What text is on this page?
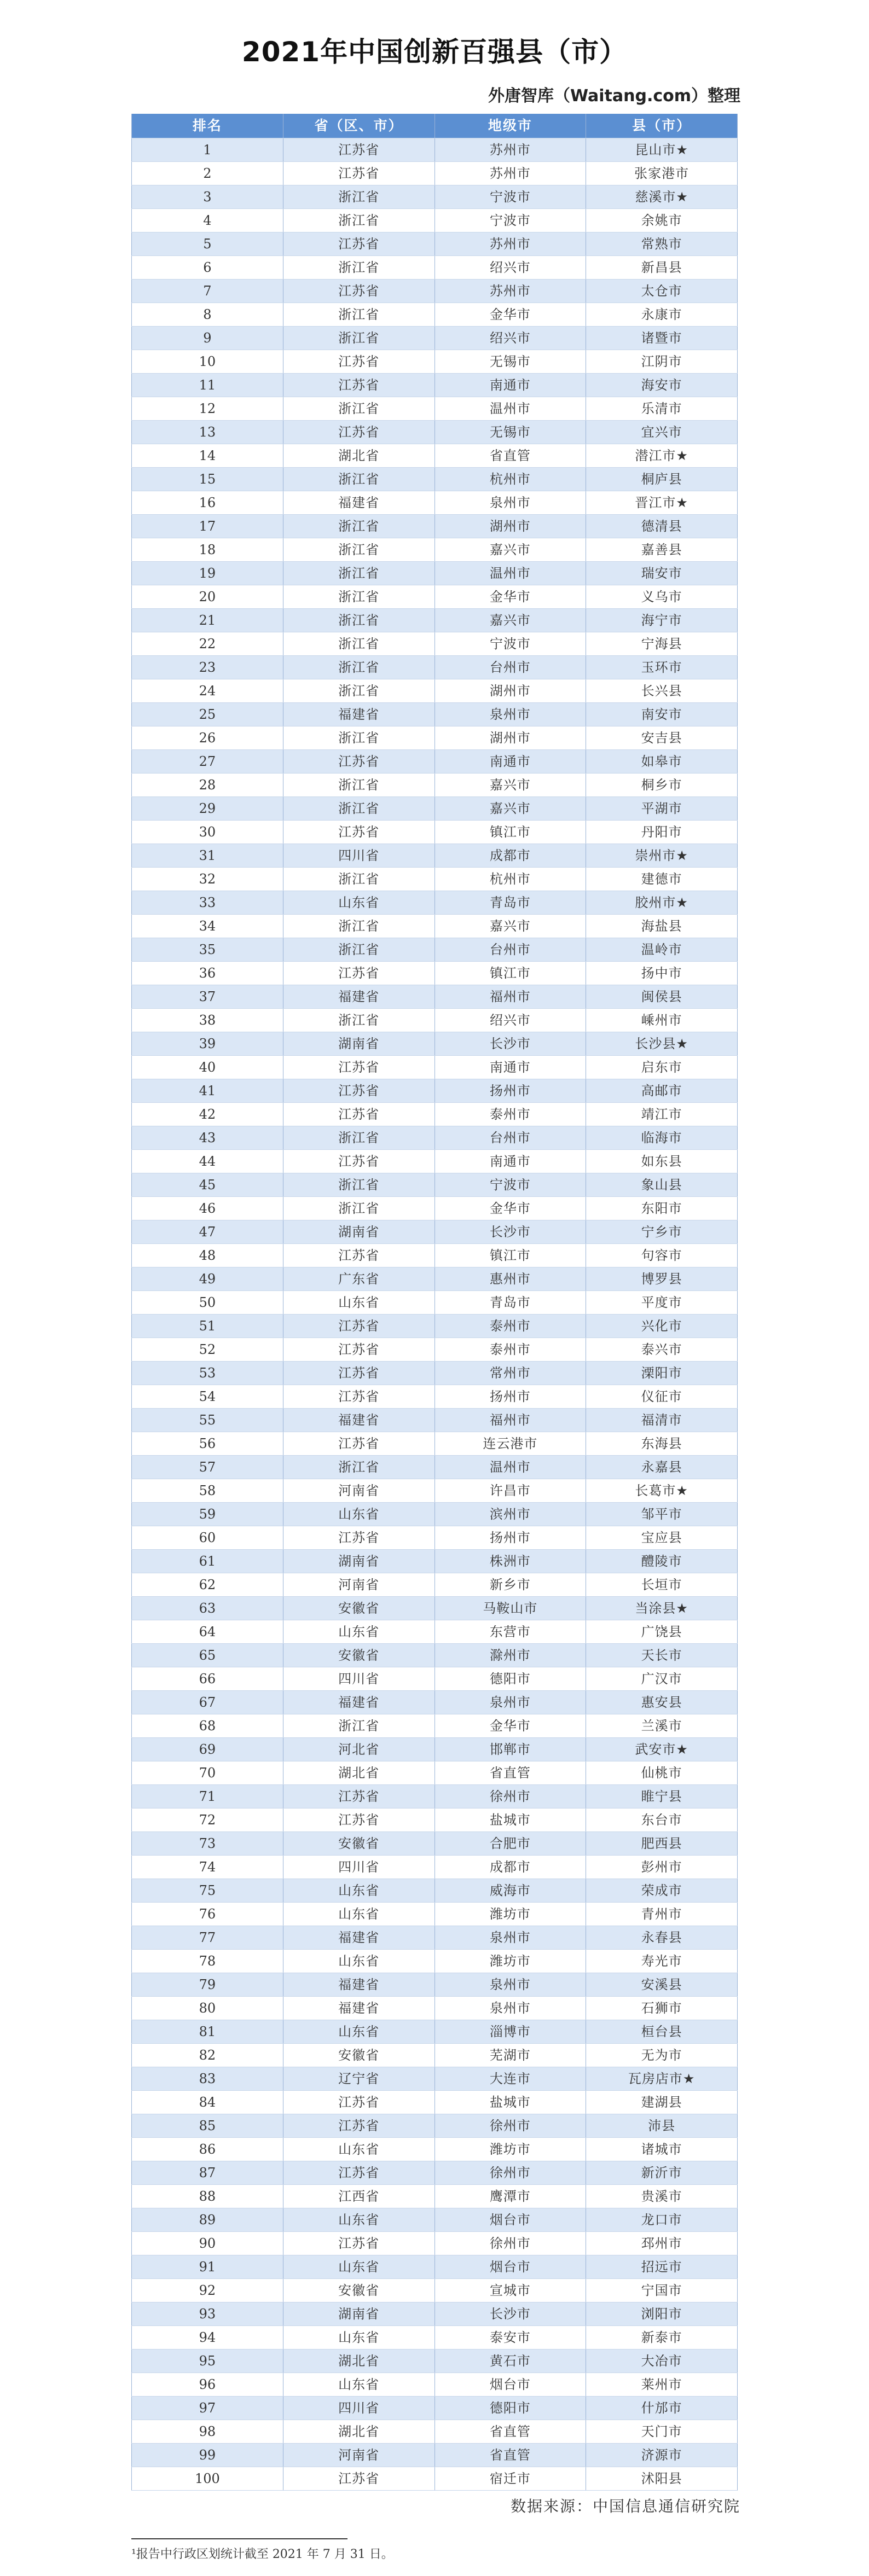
2021年中国创新百强县（市）
外唐智库（Waitang.com）整理
排名	省（区、市）	地级市	县（市）
1	江苏省	苏州市	昆山市★
2	江苏省	苏州市	张家港市
3	浙江省	宁波市	慈溪市★
4	浙江省	宁波市	余姚市
5	江苏省	苏州市	常熟市
6	浙江省	绍兴市	新昌县
7	江苏省	苏州市	太仓市
8	浙江省	金华市	永康市
9	浙江省	绍兴市	诸暨市
10	江苏省	无锡市	江阴市
11	江苏省	南通市	海安市
12	浙江省	温州市	乐清市
13	江苏省	无锡市	宜兴市
14	湖北省	省直管	潜江市★
15	浙江省	杭州市	桐庐县
16	福建省	泉州市	晋江市★
17	浙江省	湖州市	德清县
18	浙江省	嘉兴市	嘉善县
19	浙江省	温州市	瑞安市
20	浙江省	金华市	义乌市
21	浙江省	嘉兴市	海宁市
22	浙江省	宁波市	宁海县
23	浙江省	台州市	玉环市
24	浙江省	湖州市	长兴县
25	福建省	泉州市	南安市
26	浙江省	湖州市	安吉县
27	江苏省	南通市	如皋市
28	浙江省	嘉兴市	桐乡市
29	浙江省	嘉兴市	平湖市
30	江苏省	镇江市	丹阳市
31	四川省	成都市	崇州市★
32	浙江省	杭州市	建德市
33	山东省	青岛市	胶州市★
34	浙江省	嘉兴市	海盐县
35	浙江省	台州市	温岭市
36	江苏省	镇江市	扬中市
37	福建省	福州市	闽侯县
38	浙江省	绍兴市	嵊州市
39	湖南省	长沙市	长沙县★
40	江苏省	南通市	启东市
41	江苏省	扬州市	高邮市
42	江苏省	泰州市	靖江市
43	浙江省	台州市	临海市
44	江苏省	南通市	如东县
45	浙江省	宁波市	象山县
46	浙江省	金华市	东阳市
47	湖南省	长沙市	宁乡市
48	江苏省	镇江市	句容市
49	广东省	惠州市	博罗县
50	山东省	青岛市	平度市
51	江苏省	泰州市	兴化市
52	江苏省	泰州市	泰兴市
53	江苏省	常州市	溧阳市
54	江苏省	扬州市	仪征市
55	福建省	福州市	福清市
56	江苏省	连云港市	东海县
57	浙江省	温州市	永嘉县
58	河南省	许昌市	长葛市★
59	山东省	滨州市	邹平市
60	江苏省	扬州市	宝应县
61	湖南省	株洲市	醴陵市
62	河南省	新乡市	长垣市
63	安徽省	马鞍山市	当涂县★
64	山东省	东营市	广饶县
65	安徽省	滁州市	天长市
66	四川省	德阳市	广汉市
67	福建省	泉州市	惠安县
68	浙江省	金华市	兰溪市
69	河北省	邯郸市	武安市★
70	湖北省	省直管	仙桃市
71	江苏省	徐州市	睢宁县
72	江苏省	盐城市	东台市
73	安徽省	合肥市	肥西县
74	四川省	成都市	彭州市
75	山东省	威海市	荣成市
76	山东省	潍坊市	青州市
77	福建省	泉州市	永春县
78	山东省	潍坊市	寿光市
79	福建省	泉州市	安溪县
80	福建省	泉州市	石狮市
81	山东省	淄博市	桓台县
82	安徽省	芜湖市	无为市
83	辽宁省	大连市	瓦房店市★
84	江苏省	盐城市	建湖县
85	江苏省	徐州市	沛县
86	山东省	潍坊市	诸城市
87	江苏省	徐州市	新沂市
88	江西省	鹰潭市	贵溪市
89	山东省	烟台市	龙口市
90	江苏省	徐州市	邳州市
91	山东省	烟台市	招远市
92	安徽省	宣城市	宁国市
93	湖南省	长沙市	浏阳市
94	山东省	泰安市	新泰市
95	湖北省	黄石市	大冶市
96	山东省	烟台市	莱州市
97	四川省	德阳市	什邡市
98	湖北省	省直管	天门市
99	河南省	省直管	济源市
100	江苏省	宿迁市	沭阳县
数据来源：中国信息通信研究院
¹报告中行政区划统计截至 2021 年 7 月 31 日。
